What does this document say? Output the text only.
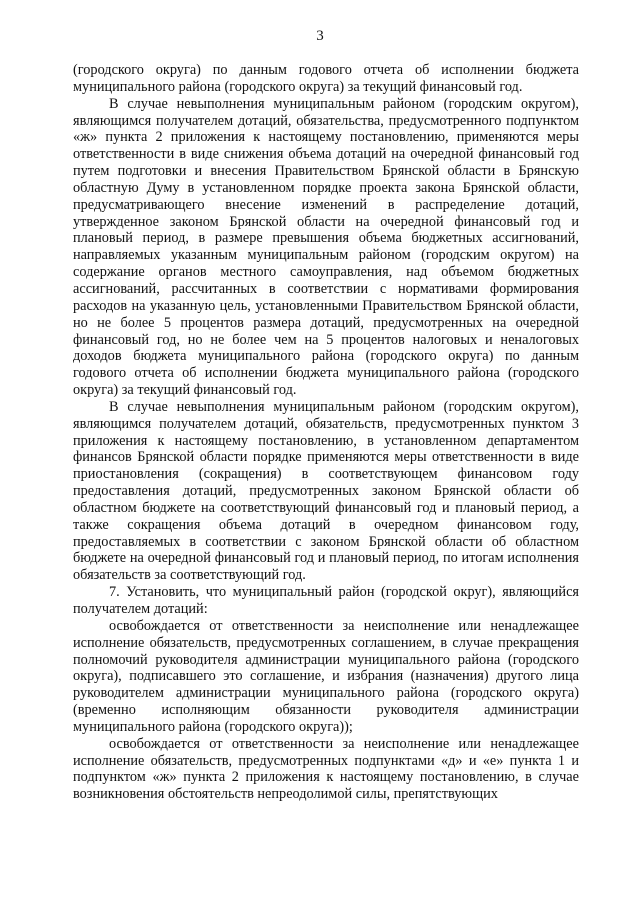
3

(городского округа) по данным годового отчета об исполнении бюджета муниципального района (городского округа) за текущий финансовый год.

В случае невыполнения муниципальным районом (городским округом), являющимся получателем дотаций, обязательства, предусмотренного подпунктом «ж» пункта 2 приложения к настоящему постановлению, применяются меры ответственности в виде снижения объема дотаций на очередной финансовый год путем подготовки и внесения Правительством Брянской области в Брянскую областную Думу в установленном порядке проекта закона Брянской области, предусматривающего внесение изменений в распределение дотаций, утвержденное законом Брянской области на очередной финансовый год и плановый период, в размере превышения объема бюджетных ассигнований, направляемых указанным муниципальным районом (городским округом) на содержание органов местного самоуправления, над объемом бюджетных ассигнований, рассчитанных в соответствии с нормативами формирования расходов на указанную цель, установленными Правительством Брянской области, но не более 5 процентов размера дотаций, предусмотренных на очередной финансовый год, но не более чем на 5 процентов налоговых и неналоговых доходов бюджета муниципального района (городского округа) по данным годового отчета об исполнении бюджета муниципального района (городского округа) за текущий финансовый год.

В случае невыполнения муниципальным районом (городским округом), являющимся получателем дотаций, обязательств, предусмотренных пунктом 3 приложения к настоящему постановлению, в установленном департаментом финансов Брянской области порядке применяются меры ответственности в виде приостановления (сокращения) в соответствующем финансовом году предоставления дотаций, предусмотренных законом Брянской области об областном бюджете на соответствующий финансовый год и плановый период, а также сокращения объема дотаций в очередном финансовом году, предоставляемых в соответствии с законом Брянской области об областном бюджете на очередной финансовый год и плановый период, по итогам исполнения обязательств за соответствующий год.

7. Установить, что муниципальный район (городской округ), являющийся получателем дотаций:

освобождается от ответственности за неисполнение или ненадлежащее исполнение обязательств, предусмотренных соглашением, в случае прекращения полномочий руководителя администрации муниципального района (городского округа), подписавшего это соглашение, и избрания (назначения) другого лица руководителем администрации муниципального района (городского округа) (временно исполняющим обязанности руководителя администрации муниципального района (городского округа));

освобождается от ответственности за неисполнение или ненадлежащее исполнение обязательств, предусмотренных подпунктами «д» и «е» пункта 1 и подпунктом «ж» пункта 2 приложения к настоящему постановлению, в случае возникновения обстоятельств непреодолимой силы, препятствующих
